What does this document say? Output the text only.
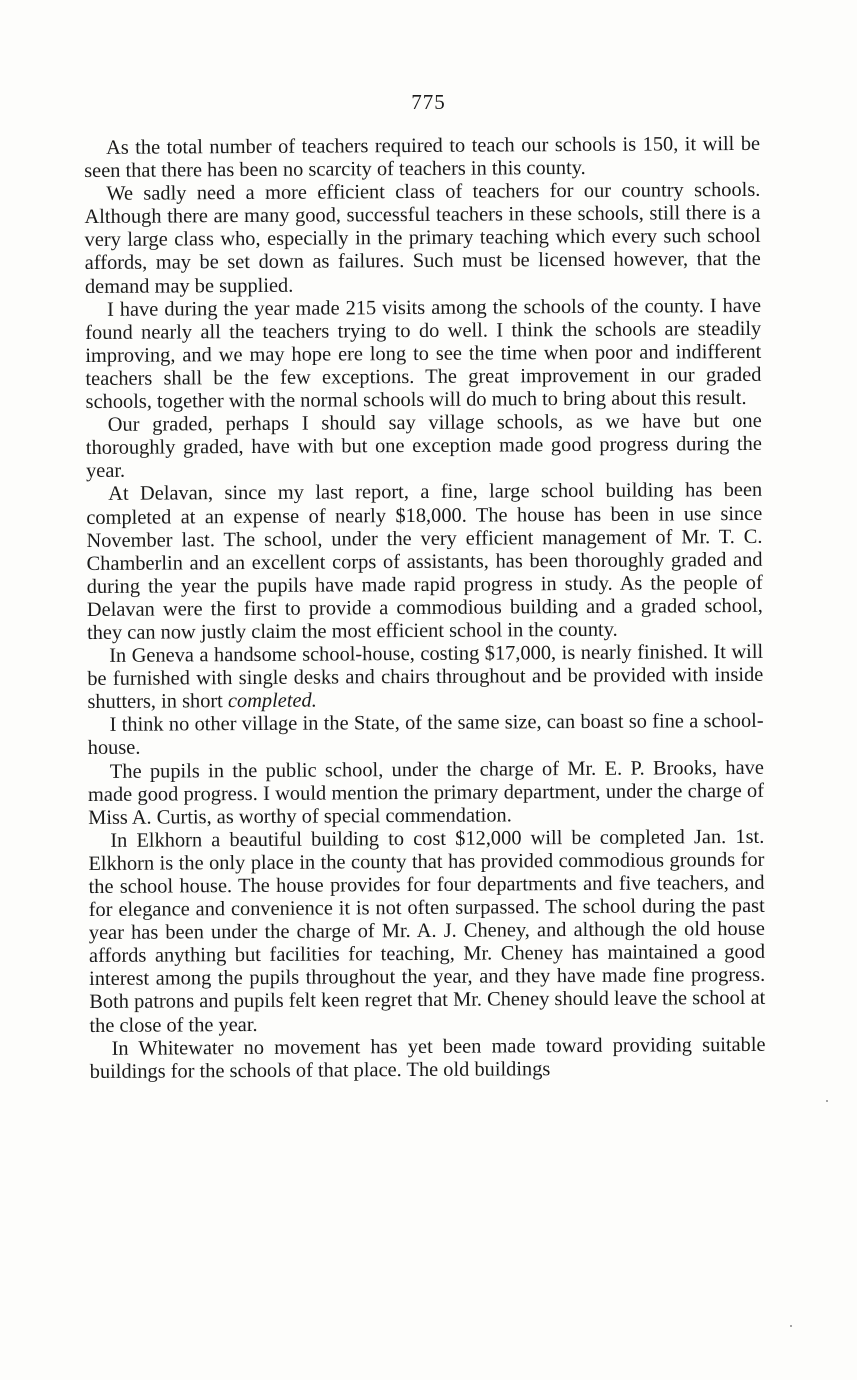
775

As the total number of teachers required to teach our schools is 150, it will be seen that there has been no scarcity of teachers in this county.

We sadly need a more efficient class of teachers for our country schools. Although there are many good, successful teachers in these schools, still there is a very large class who, especially in the primary teaching which every such school affords, may be set down as failures. Such must be licensed however, that the demand may be supplied.

I have during the year made 215 visits among the schools of the county. I have found nearly all the teachers trying to do well. I think the schools are steadily improving, and we may hope ere long to see the time when poor and indifferent teachers shall be the few exceptions. The great improvement in our graded schools, together with the normal schools will do much to bring about this result.

Our graded, perhaps I should say village schools, as we have but one thoroughly graded, have with but one exception made good progress during the year.

At Delavan, since my last report, a fine, large school building has been completed at an expense of nearly $18,000. The house has been in use since November last. The school, under the very efficient management of Mr. T. C. Chamberlin and an excellent corps of assistants, has been thoroughly graded and during the year the pupils have made rapid progress in study. As the people of Delavan were the first to provide a commodious building and a graded school, they can now justly claim the most efficient school in the county.

In Geneva a handsome school-house, costing $17,000, is nearly finished. It will be furnished with single desks and chairs throughout and be provided with inside shutters, in short completed.

I think no other village in the State, of the same size, can boast so fine a school-house.

The pupils in the public school, under the charge of Mr. E. P. Brooks, have made good progress. I would mention the primary department, under the charge of Miss A. Curtis, as worthy of special commendation.

In Elkhorn a beautiful building to cost $12,000 will be completed Jan. 1st. Elkhorn is the only place in the county that has provided commodious grounds for the school house. The house provides for four departments and five teachers, and for elegance and convenience it is not often surpassed. The school during the past year has been under the charge of Mr. A. J. Cheney, and although the old house affords anything but facilities for teaching, Mr. Cheney has maintained a good interest among the pupils throughout the year, and they have made fine progress. Both patrons and pupils felt keen regret that Mr. Cheney should leave the school at the close of the year.

In Whitewater no movement has yet been made toward providing suitable buildings for the schools of that place. The old buildings
